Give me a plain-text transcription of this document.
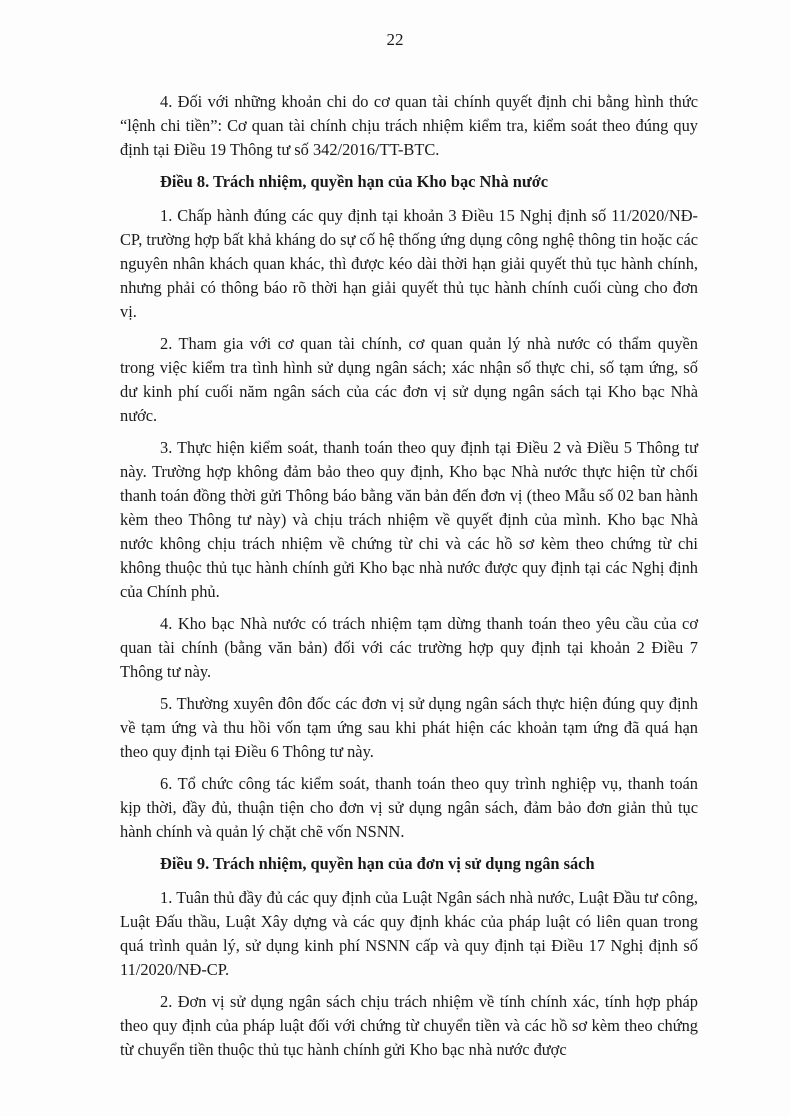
22

4. Đối với những khoản chi do cơ quan tài chính quyết định chi bằng hình thức “lệnh chi tiền”: Cơ quan tài chính chịu trách nhiệm kiểm tra, kiểm soát theo đúng quy định tại Điều 19 Thông tư số 342/2016/TT-BTC.

Điều 8. Trách nhiệm, quyền hạn của Kho bạc Nhà nước

1. Chấp hành đúng các quy định tại khoản 3 Điều 15 Nghị định số 11/2020/NĐ-CP, trường hợp bất khả kháng do sự cố hệ thống ứng dụng công nghệ thông tin hoặc các nguyên nhân khách quan khác, thì được kéo dài thời hạn giải quyết thủ tục hành chính, nhưng phải có thông báo rõ thời hạn giải quyết thủ tục hành chính cuối cùng cho đơn vị.

2. Tham gia với cơ quan tài chính, cơ quan quản lý nhà nước có thẩm quyền trong việc kiểm tra tình hình sử dụng ngân sách; xác nhận số thực chi, số tạm ứng, số dư kinh phí cuối năm ngân sách của các đơn vị sử dụng ngân sách tại Kho bạc Nhà nước.

3. Thực hiện kiểm soát, thanh toán theo quy định tại Điều 2 và Điều 5 Thông tư này. Trường hợp không đảm bảo theo quy định, Kho bạc Nhà nước thực hiện từ chối thanh toán đồng thời gửi Thông báo bằng văn bản đến đơn vị (theo Mẫu số 02 ban hành kèm theo Thông tư này) và chịu trách nhiệm về quyết định của mình. Kho bạc Nhà nước không chịu trách nhiệm về chứng từ chi và các hồ sơ kèm theo chứng từ chi không thuộc thủ tục hành chính gửi Kho bạc nhà nước được quy định tại các Nghị định của Chính phủ.

4. Kho bạc Nhà nước có trách nhiệm tạm dừng thanh toán theo yêu cầu của cơ quan tài chính (bằng văn bản) đối với các trường hợp quy định tại khoản 2 Điều 7 Thông tư này.

5. Thường xuyên đôn đốc các đơn vị sử dụng ngân sách thực hiện đúng quy định về tạm ứng và thu hồi vốn tạm ứng sau khi phát hiện các khoản tạm ứng đã quá hạn theo quy định tại Điều 6 Thông tư này.

6. Tổ chức công tác kiểm soát, thanh toán theo quy trình nghiệp vụ, thanh toán kịp thời, đầy đủ, thuận tiện cho đơn vị sử dụng ngân sách, đảm bảo đơn giản thủ tục hành chính và quản lý chặt chẽ vốn NSNN.

Điều 9. Trách nhiệm, quyền hạn của đơn vị sử dụng ngân sách

1. Tuân thủ đầy đủ các quy định của Luật Ngân sách nhà nước, Luật Đầu tư công, Luật Đấu thầu, Luật Xây dựng và các quy định khác của pháp luật có liên quan trong quá trình quản lý, sử dụng kinh phí NSNN cấp và quy định tại Điều 17 Nghị định số 11/2020/NĐ-CP.

2. Đơn vị sử dụng ngân sách chịu trách nhiệm về tính chính xác, tính hợp pháp theo quy định của pháp luật đối với chứng từ chuyển tiền và các hồ sơ kèm theo chứng từ chuyển tiền thuộc thủ tục hành chính gửi Kho bạc nhà nước được
